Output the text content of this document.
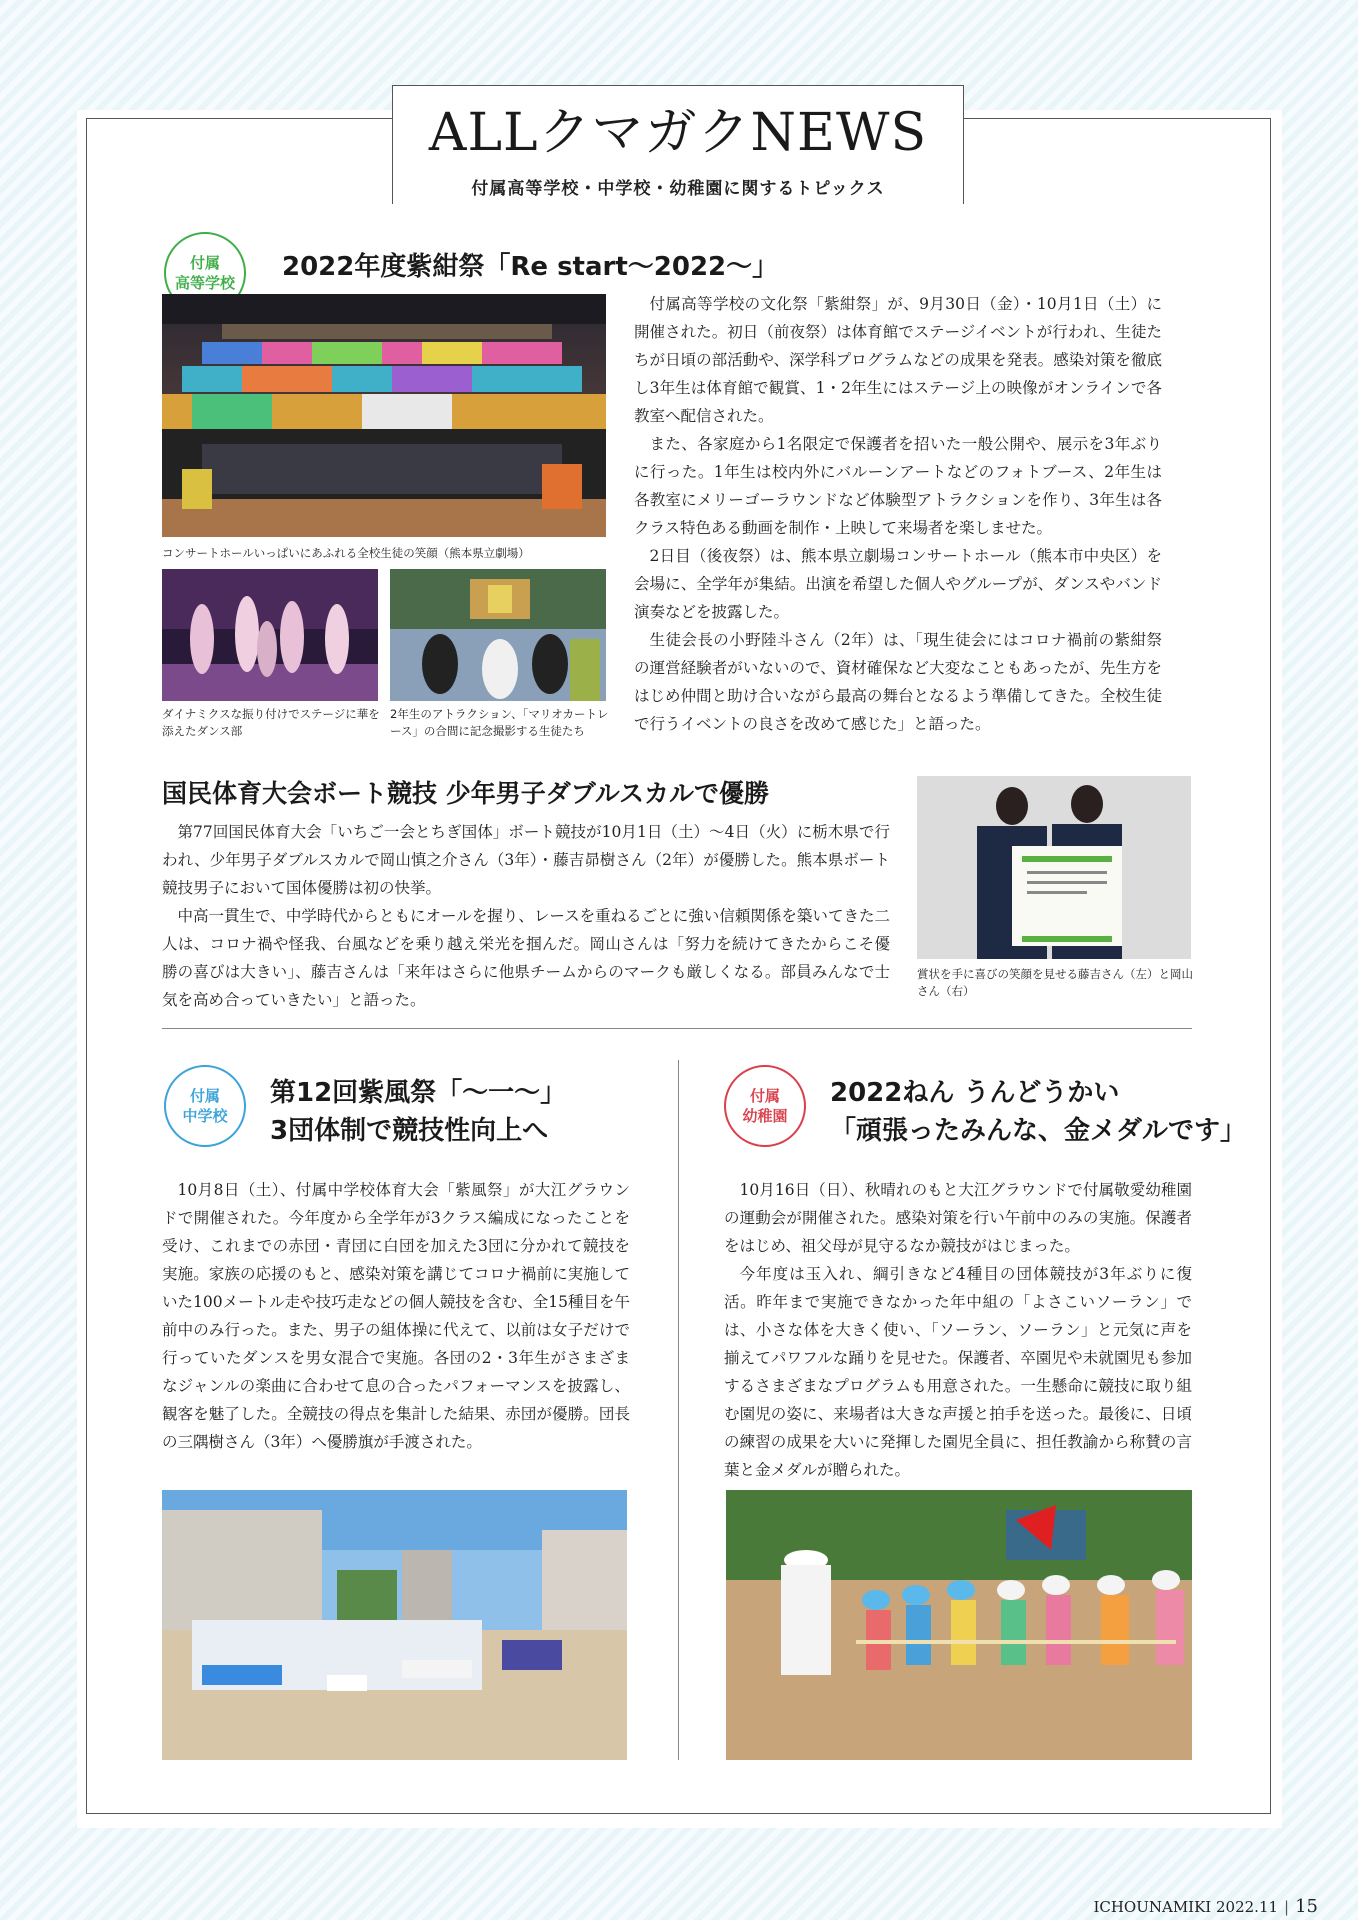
ALLクマガクNEWS
付属高等学校・中学校・幼稚園に関するトピックス
付属
高等学校
2022年度紫紺祭「Re start〜2022〜」
コンサートホールいっぱいにあふれる全校生徒の笑顔（熊本県立劇場）
ダイナミクスな振り付けでステージに華を添えたダンス部
2年生のアトラクション、「マリオカートレース」の合間に記念撮影する生徒たち

付属高等学校の文化祭「紫紺祭」が、9月30日（金）・10月1日（土）に開催された。初日（前夜祭）は体育館でステージイベントが行われ、生徒たちが日頃の部活動や、深学科プログラムなどの成果を発表。感染対策を徹底し3年生は体育館で観賞、1・2年生にはステージ上の映像がオンラインで各教室へ配信された。

また、各家庭から1名限定で保護者を招いた一般公開や、展示を3年ぶりに行った。1年生は校内外にバルーンアートなどのフォトブース、2年生は各教室にメリーゴーラウンドなど体験型アトラクションを作り、3年生は各クラス特色ある動画を制作・上映して来場者を楽しませた。

2日目（後夜祭）は、熊本県立劇場コンサートホール（熊本市中央区）を会場に、全学年が集結。出演を希望した個人やグループが、ダンスやバンド演奏などを披露した。

生徒会長の小野陸斗さん（2年）は、「現生徒会にはコロナ禍前の紫紺祭の運営経験者がいないので、資材確保など大変なこともあったが、先生方をはじめ仲間と助け合いながら最高の舞台となるよう準備してきた。全校生徒で行うイベントの良さを改めて感じた」と語った。

国民体育大会ボート競技 少年男子ダブルスカルで優勝

第77回国民体育大会「いちご一会とちぎ国体」ボート競技が10月1日（土）〜4日（火）に栃木県で行われ、少年男子ダブルスカルで岡山慎之介さん（3年）・藤吉昴樹さん（2年）が優勝した。熊本県ボート競技男子において国体優勝は初の快挙。

中高一貫生で、中学時代からともにオールを握り、レースを重ねるごとに強い信頼関係を築いてきた二人は、コロナ禍や怪我、台風などを乗り越え栄光を掴んだ。岡山さんは「努力を続けてきたからこそ優勝の喜びは大きい」、藤吉さんは「来年はさらに他県チームからのマークも厳しくなる。部員みんなで士気を高め合っていきたい」と語った。

賞状を手に喜びの笑顔を見せる藤吉さん（左）と岡山さん（右）
付属
中学校
第12回紫風祭「〜一〜」
3団体制で競技性向上へ

10月8日（土）、付属中学校体育大会「紫風祭」が大江グラウンドで開催された。今年度から全学年が3クラス編成になったことを受け、これまでの赤団・青団に白団を加えた3団に分かれて競技を実施。家族の応援のもと、感染対策を講じてコロナ禍前に実施していた100メートル走や技巧走などの個人競技を含む、全15種目を午前中のみ行った。また、男子の組体操に代えて、以前は女子だけで行っていたダンスを男女混合で実施。各団の2・3年生がさまざまなジャンルの楽曲に合わせて息の合ったパフォーマンスを披露し、観客を魅了した。全競技の得点を集計した結果、赤団が優勝。団長の三隅樹さん（3年）へ優勝旗が手渡された。

付属
幼稚園
2022ねん うんどうかい
「頑張ったみんな、金メダルです」

10月16日（日）、秋晴れのもと大江グラウンドで付属敬愛幼稚園の運動会が開催された。感染対策を行い午前中のみの実施。保護者をはじめ、祖父母が見守るなか競技がはじまった。

今年度は玉入れ、綱引きなど4種目の団体競技が3年ぶりに復活。昨年まで実施できなかった年中組の「よさこいソーラン」では、小さな体を大きく使い、「ソーラン、ソーラン」と元気に声を揃えてパワフルな踊りを見せた。保護者、卒園児や未就園児も参加するさまざまなプログラムも用意された。一生懸命に競技に取り組む園児の姿に、来場者は大きな声援と拍手を送った。最後に、日頃の練習の成果を大いに発揮した園児全員に、担任教諭から称賛の言葉と金メダルが贈られた。

ICHOUNAMIKI 2022.11 | 15
